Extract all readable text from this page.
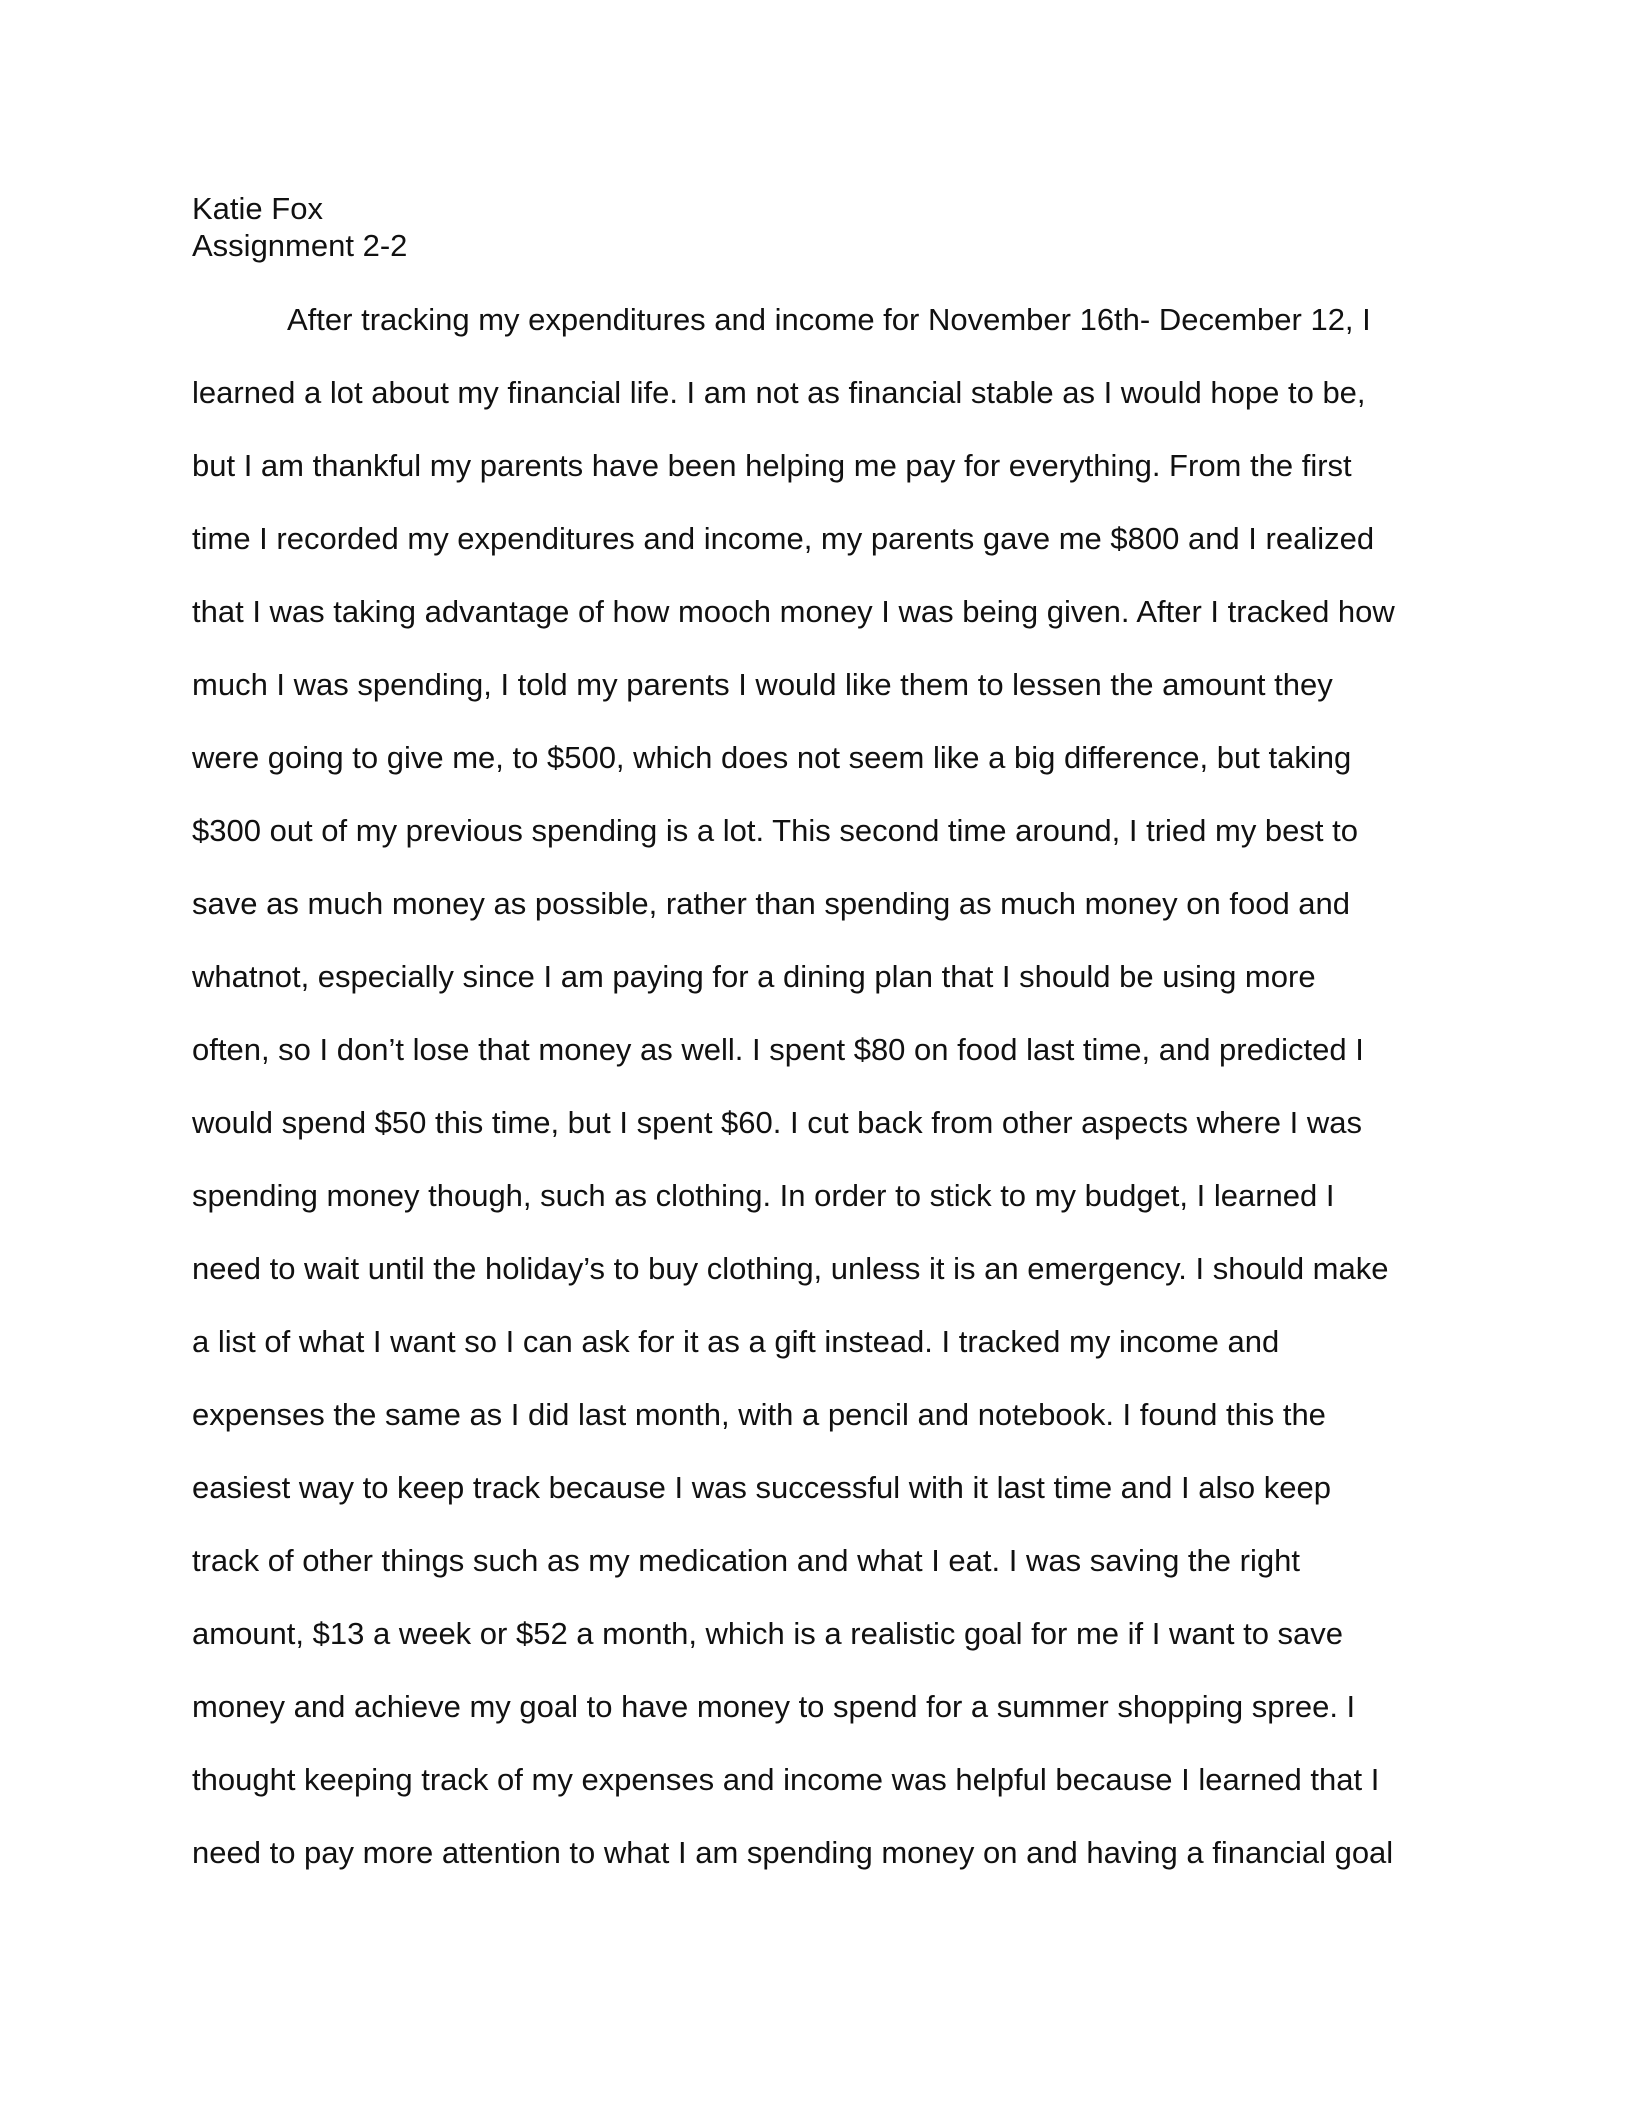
Katie Fox
Assignment 2-2
After tracking my expenditures and income for November 16th- December 12, I
learned a lot about my financial life. I am not as financial stable as I would hope to be,
but I am thankful my parents have been helping me pay for everything. From the first
time I recorded my expenditures and income, my parents gave me $800 and I realized
that I was taking advantage of how mooch money I was being given. After I tracked how
much I was spending, I told my parents I would like them to lessen the amount they
were going to give me, to $500, which does not seem like a big difference, but taking
$300 out of my previous spending is a lot. This second time around, I tried my best to
save as much money as possible, rather than spending as much money on food and
whatnot, especially since I am paying for a dining plan that I should be using more
often, so I don’t lose that money as well. I spent $80 on food last time, and predicted I
would spend $50 this time, but I spent $60. I cut back from other aspects where I was
spending money though, such as clothing. In order to stick to my budget, I learned I
need to wait until the holiday’s to buy clothing, unless it is an emergency. I should make
a list of what I want so I can ask for it as a gift instead. I tracked my income and
expenses the same as I did last month, with a pencil and notebook. I found this the
easiest way to keep track because I was successful with it last time and I also keep
track of other things such as my medication and what I eat. I was saving the right
amount, $13 a week or $52 a month, which is a realistic goal for me if I want to save
money and achieve my goal to have money to spend for a summer shopping spree. I
thought keeping track of my expenses and income was helpful because I learned that I
need to pay more attention to what I am spending money on and having a financial goal
